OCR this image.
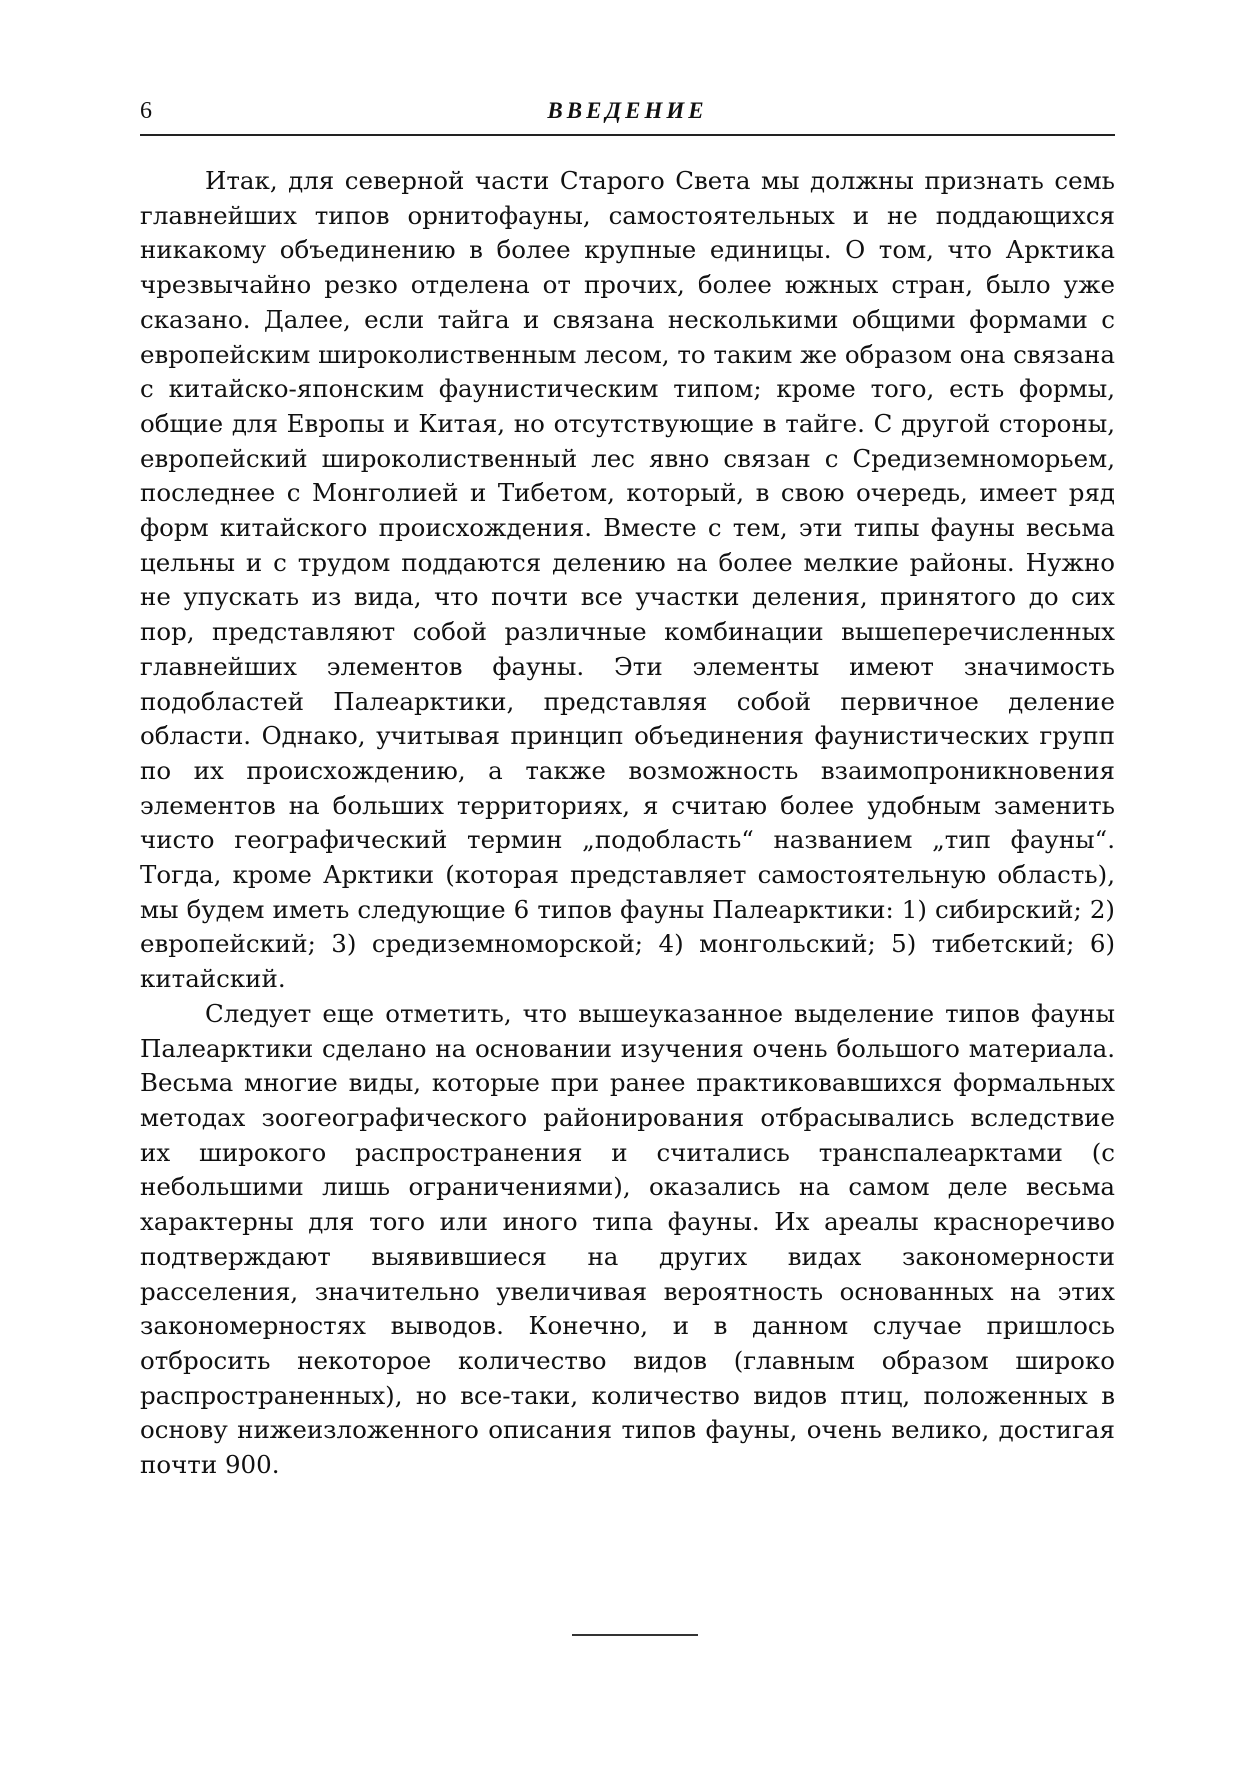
6	ВВЕДЕНИЕ

Итак, для северной части Старого Света мы должны признать семь главнейших типов орнитофауны, самостоятельных и не поддающихся никакому объединению в более крупные единицы. О том, что Арктика чрезвычайно резко отделена от прочих, более южных стран, было уже сказано. Далее, если тайга и связана несколькими общими формами с европейским широколиственным лесом, то таким же образом она связана с китайско-японским фаунистическим типом; кроме того, есть формы, общие для Европы и Китая, но отсутствующие в тайге. С другой стороны, европейский широколиственный лес явно связан с Средиземноморьем, последнее с Монголией и Тибетом, который, в свою очередь, имеет ряд форм китайского происхождения. Вместе с тем, эти типы фауны весьма цельны и с трудом поддаются делению на более мелкие районы. Нужно не упускать из вида, что почти все участки деления, принятого до сих пор, представляют собой различные комбинации вышеперечисленных главнейших элементов фауны. Эти элементы имеют значимость подобластей Палеарктики, представляя собой первичное деление области. Однако, учитывая принцип объединения фаунистических групп по их происхождению, а также возможность взаимопроникновения элементов на больших территориях, я считаю более удобным заменить чисто географический термин „подобласть“ названием „тип фауны“. Тогда, кроме Арктики (которая представляет самостоятельную область), мы будем иметь следующие 6 типов фауны Палеарктики: 1) сибирский; 2) европейский; 3) средиземноморской; 4) монгольский; 5) тибетский; 6) китайский.

Следует еще отметить, что вышеуказанное выделение типов фауны Палеарктики сделано на основании изучения очень большого материала. Весьма многие виды, которые при ранее практиковавшихся формальных методах зоогеографического районирования отбрасывались вследствие их широкого распространения и считались транспалеарктами (с небольшими лишь ограничениями), оказались на самом деле весьма характерны для того или иного типа фауны. Их ареалы красноречиво подтверждают выявившиеся на других видах закономерности расселения, значительно увеличивая вероятность основанных на этих закономерностях выводов. Конечно, и в данном случае пришлось отбросить некоторое количество видов (главным образом широко распространенных), но все-таки, количество видов птиц, положенных в основу нижеизложенного описания типов фауны, очень велико, достигая почти 900.
